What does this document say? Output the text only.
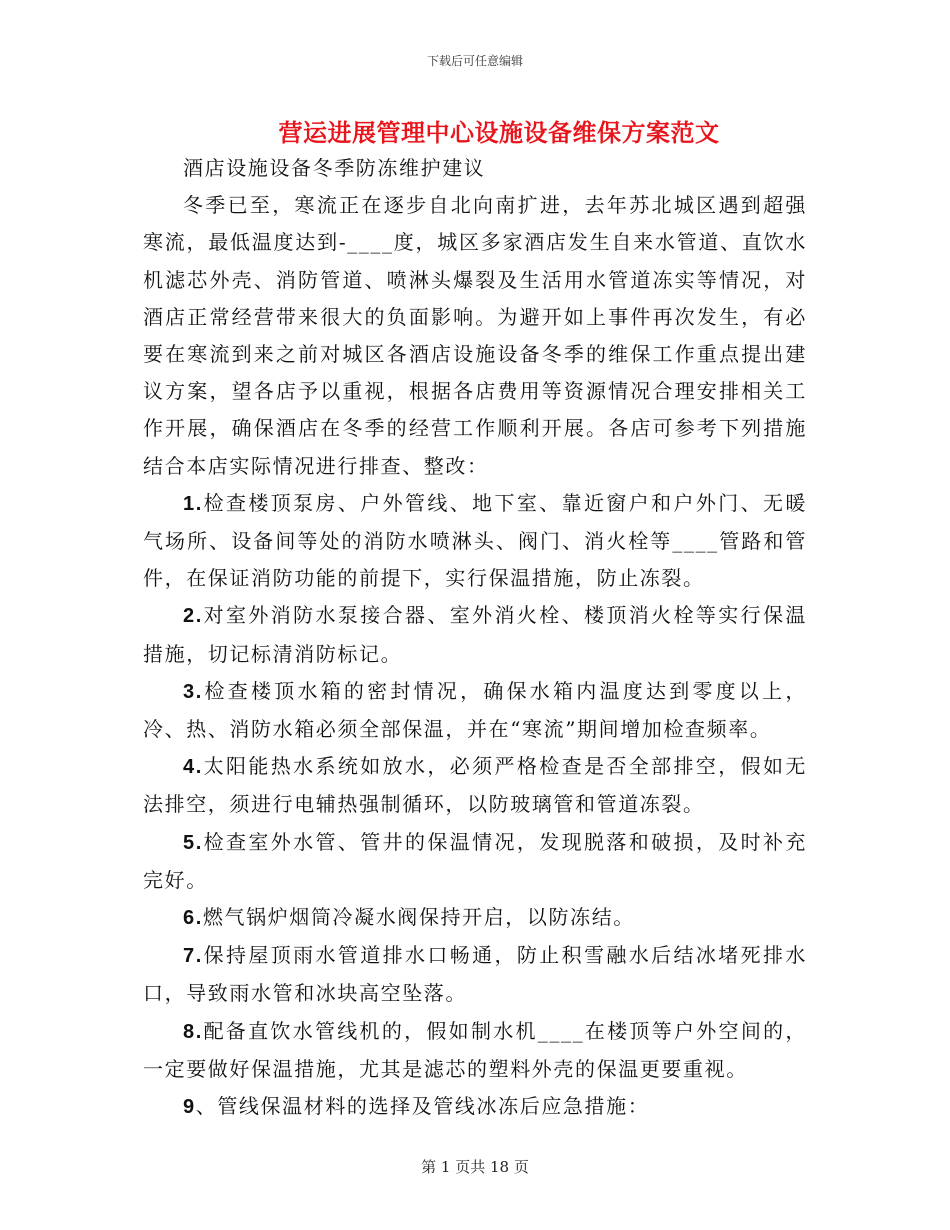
下载后可任意编辑
营运进展管理中心设施设备维保方案范文

酒店设施设备冬季防冻维护建议

冬季已至，寒流正在逐步自北向南扩进，去年苏北城区遇到超强寒流，最低温度达到-____度，城区多家酒店发生自来水管道、直饮水机滤芯外壳、消防管道、喷淋头爆裂及生活用水管道冻实等情况，对酒店正常经营带来很大的负面影响。为避开如上事件再次发生，有必要在寒流到来之前对城区各酒店设施设备冬季的维保工作重点提出建议方案，望各店予以重视，根据各店费用等资源情况合理安排相关工作开展，确保酒店在冬季的经营工作顺利开展。各店可参考下列措施结合本店实际情况进行排查、整改：

1.检查楼顶泵房、户外管线、地下室、靠近窗户和户外门、无暖气场所、设备间等处的消防水喷淋头、阀门、消火栓等____管路和管件，在保证消防功能的前提下，实行保温措施，防止冻裂。

2.对室外消防水泵接合器、室外消火栓、楼顶消火栓等实行保温措施，切记标清消防标记。

3.检查楼顶水箱的密封情况，确保水箱内温度达到零度以上，冷、热、消防水箱必须全部保温，并在“寒流”期间增加检查频率。

4.太阳能热水系统如放水，必须严格检查是否全部排空，假如无法排空，须进行电辅热强制循环，以防玻璃管和管道冻裂。

5.检查室外水管、管井的保温情况，发现脱落和破损，及时补充完好。

6.燃气锅炉烟筒冷凝水阀保持开启，以防冻结。

7.保持屋顶雨水管道排水口畅通，防止积雪融水后结冰堵死排水口，导致雨水管和冰块高空坠落。

8.配备直饮水管线机的，假如制水机____在楼顶等户外空间的，一定要做好保温措施，尤其是滤芯的塑料外壳的保温更要重视。

9、管线保温材料的选择及管线冰冻后应急措施：

第 1 页共 18 页
